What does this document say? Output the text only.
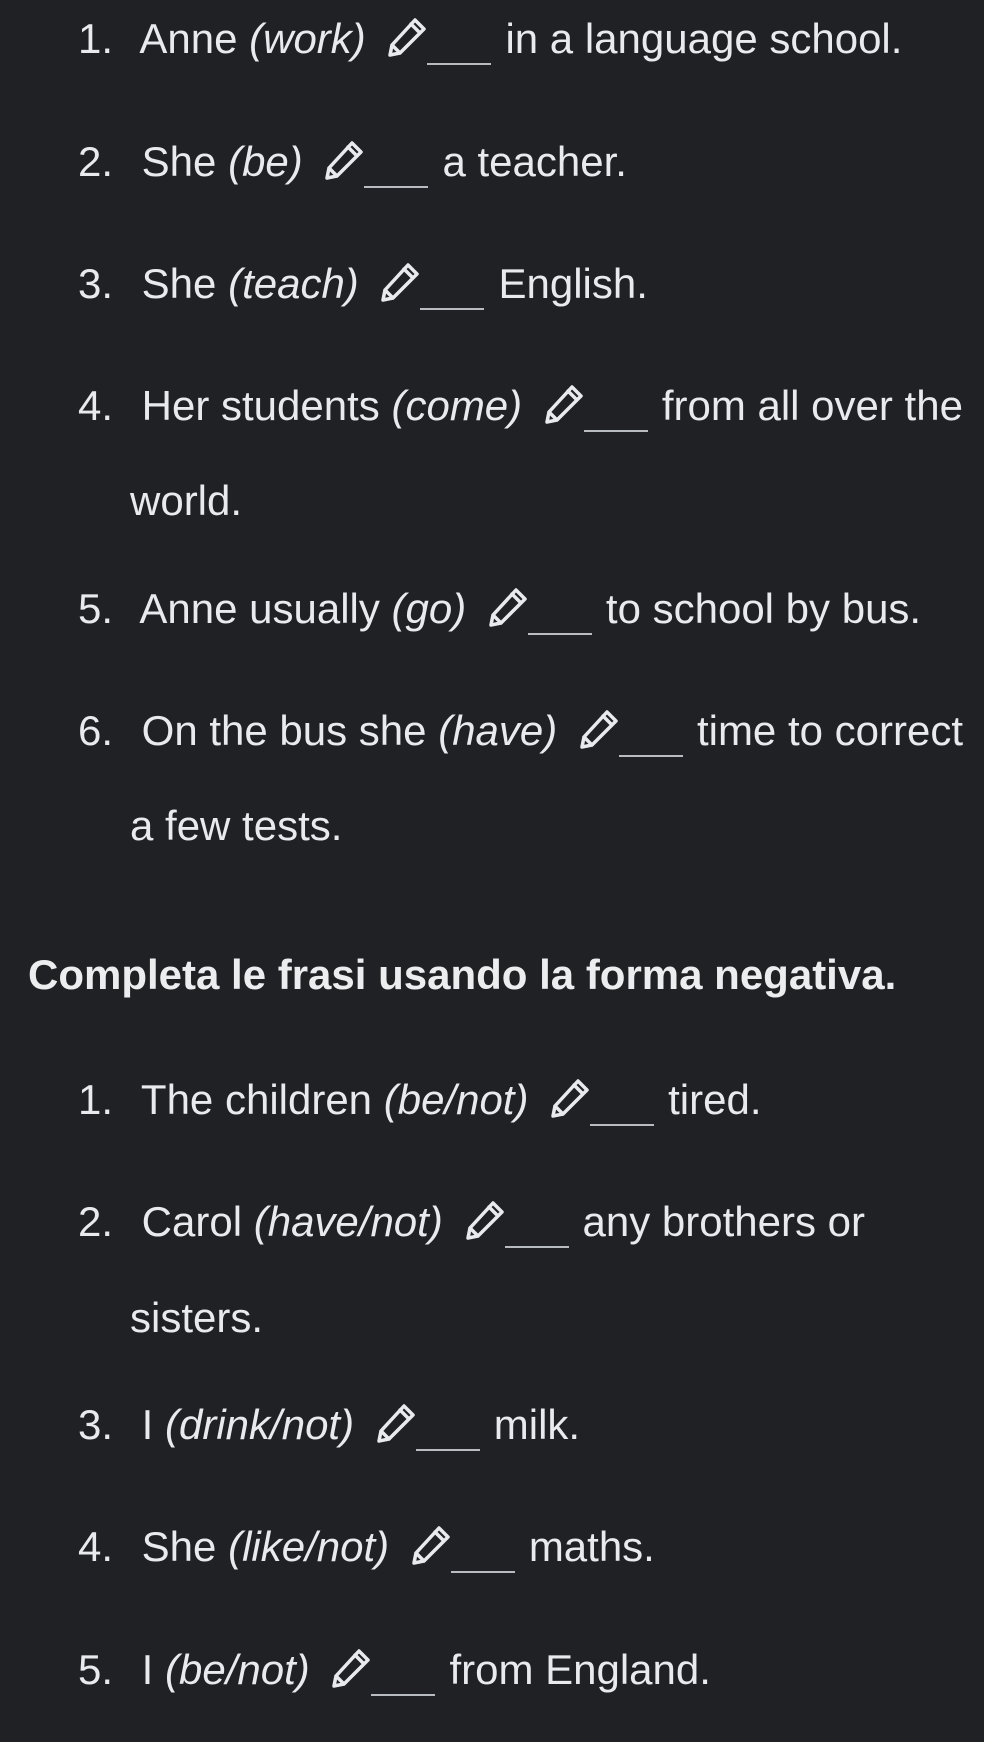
1. Anne (work)	in a language school.
2. She (be)	a teacher.
3. She (teach)	English.
4. Her students (come)	from all over the
world.
5. Anne usually (go)	to school by bus.
6. On the bus she (have)	time to correct
a few tests.
Completa le frasi usando la forma negativa.
1. The children (be/not)	tired.
2. Carol (have/not)	any brothers or
sisters.
3. I (drink/not)	milk.
4. She (like/not)	maths.
5. I (be/not)	from England.
